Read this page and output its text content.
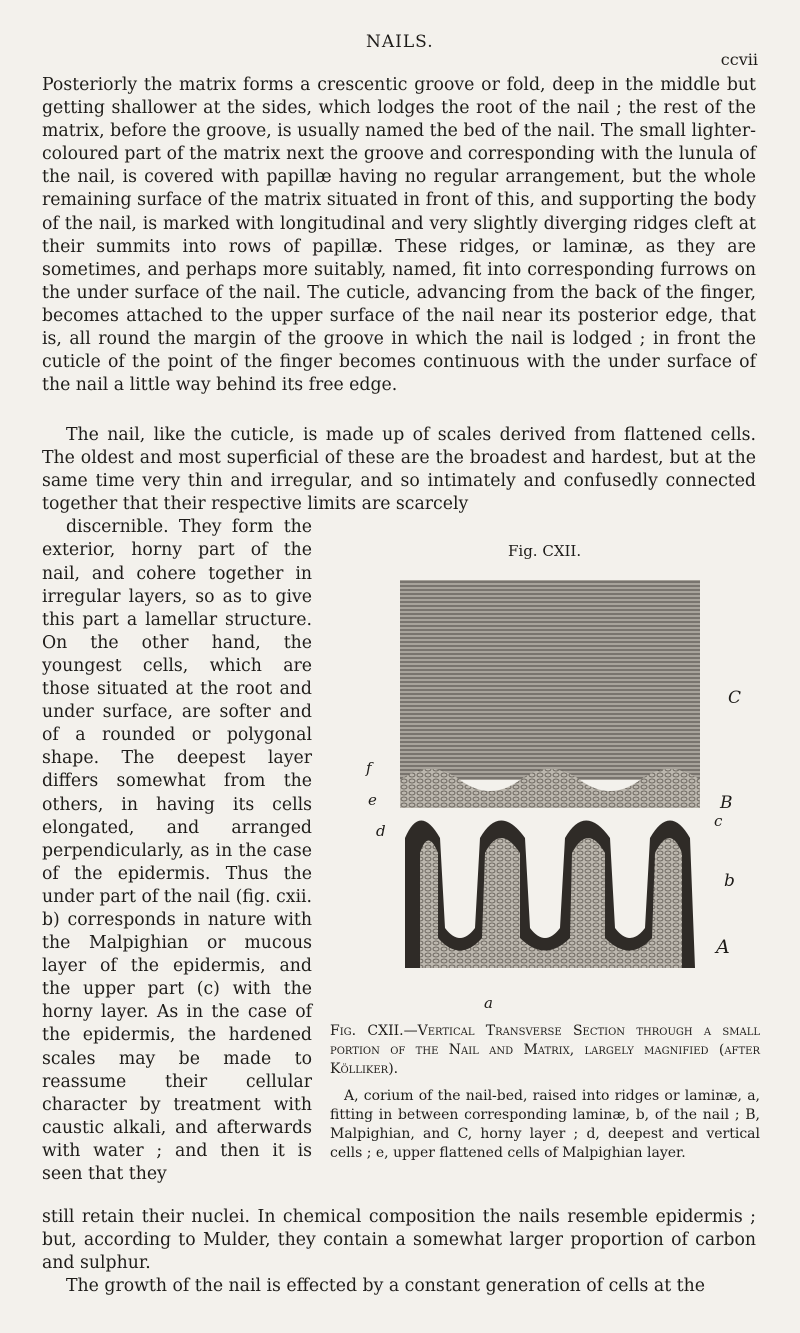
NAILS.
ccvii

Posteriorly the matrix forms a crescentic groove or fold, deep in the middle but getting shallower at the sides, which lodges the root of the nail ; the rest of the matrix, before the groove, is usually named the bed of the nail. The small lighter-coloured part of the matrix next the groove and corresponding with the lunula of the nail, is covered with papillæ having no regular arrangement, but the whole remaining surface of the matrix situated in front of this, and supporting the body of the nail, is marked with longitudinal and very slightly diverging ridges cleft at their summits into rows of papillæ. These ridges, or laminæ, as they are sometimes, and perhaps more suitably, named, fit into corresponding furrows on the under surface of the nail. The cuticle, advancing from the back of the finger, becomes attached to the upper surface of the nail near its posterior edge, that is, all round the margin of the groove in which the nail is lodged ; in front the cuticle of the point of the finger becomes continuous with the under surface of the nail a little way behind its free edge.

The nail, like the cuticle, is made up of scales derived from flattened cells. The oldest and most superficial of these are the broadest and hardest, but at the same time very thin and irregular, and so intimately and confusedly connected together that their respective limits are scarcely
discernible. They form the exterior, horny part of the nail, and cohere together in irregular layers, so as to give this part a lamellar structure. On the other hand, the youngest cells, which are those situated at the root and under surface, are softer and of a rounded or polygonal shape. The deepest layer differs somewhat from the others, in having its cells elongated, and arranged perpendicularly, as in the case of the epidermis. Thus the under part of the nail (fig. cxii. b) corresponds in nature with the Malpighian or mucous layer of the epidermis, and the upper part (c) with the horny layer. As in the case of the epidermis, the hardened scales may be made to reassume their cellular character by treatment with caustic alkali, and afterwards with water ; and then it is seen that they
Fig. CXII.
f
e
d
C
B
c
b
A
a
Fig. CXII.—Vertical Transverse Section through a small portion of the Nail and Matrix, largely magnified (after Kölliker).
A, corium of the nail-bed, raised into ridges or laminæ, a, fitting in between corresponding laminæ, b, of the nail ; B, Malpighian, and C, horny layer ; d, deepest and vertical cells ; e, upper flattened cells of Malpighian layer.

still retain their nuclei. In chemical composition the nails resemble epidermis ; but, according to Mulder, they contain a somewhat larger proportion of carbon and sulphur.

The growth of the nail is effected by a constant generation of cells at the
